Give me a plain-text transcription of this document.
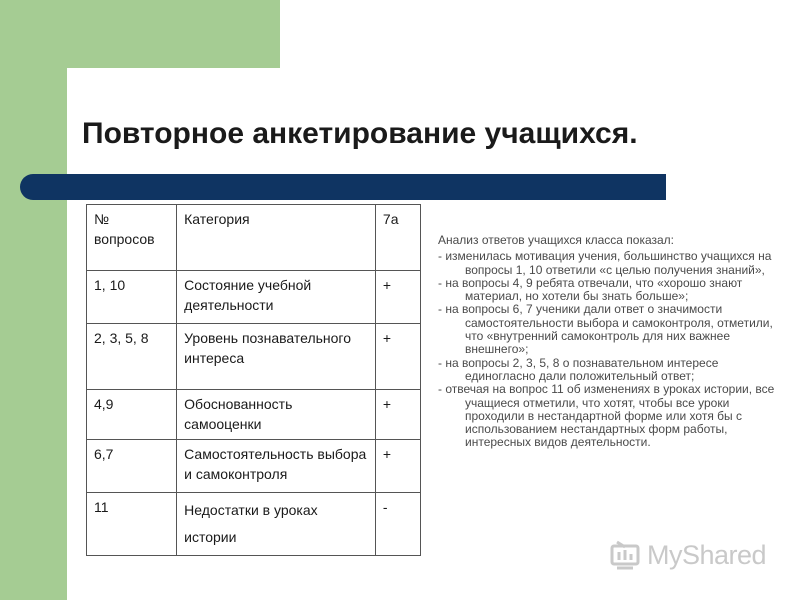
Повторное анкетирование учащихся.
№ вопросов	Категория	7а
1, 10	Состояние учебной деятельности	+
2, 3, 5, 8	Уровень познавательного интереса	+
4,9	Обоснованность самооценки	+
6,7	Самостоятельность выбора и самоконтроля	+
11	Недостатки в уроках истории	-
Анализ ответов учащихся класса показал:
- изменилась мотивация учения, большинство учащихся на вопросы 1, 10 ответили «с целью получения знаний»,
- на вопросы 4, 9 ребята отвечали, что «хорошо знают материал, но хотели бы знать больше»;
- на вопросы 6, 7 ученики дали ответ о значимости самостоятельности выбора и самоконтроля, отметили, что «внутренний самоконтроль для них важнее внешнего»;
- на вопросы 2, 3, 5, 8 о познавательном интересе единогласно дали положительный ответ;
- отвечая на вопрос 11 об изменениях в уроках истории, все учащиеся отметили, что хотят, чтобы все уроки проходили в нестандартной форме или хотя бы с использованием нестандартных форм работы, интересных видов деятельности.
MyShared
